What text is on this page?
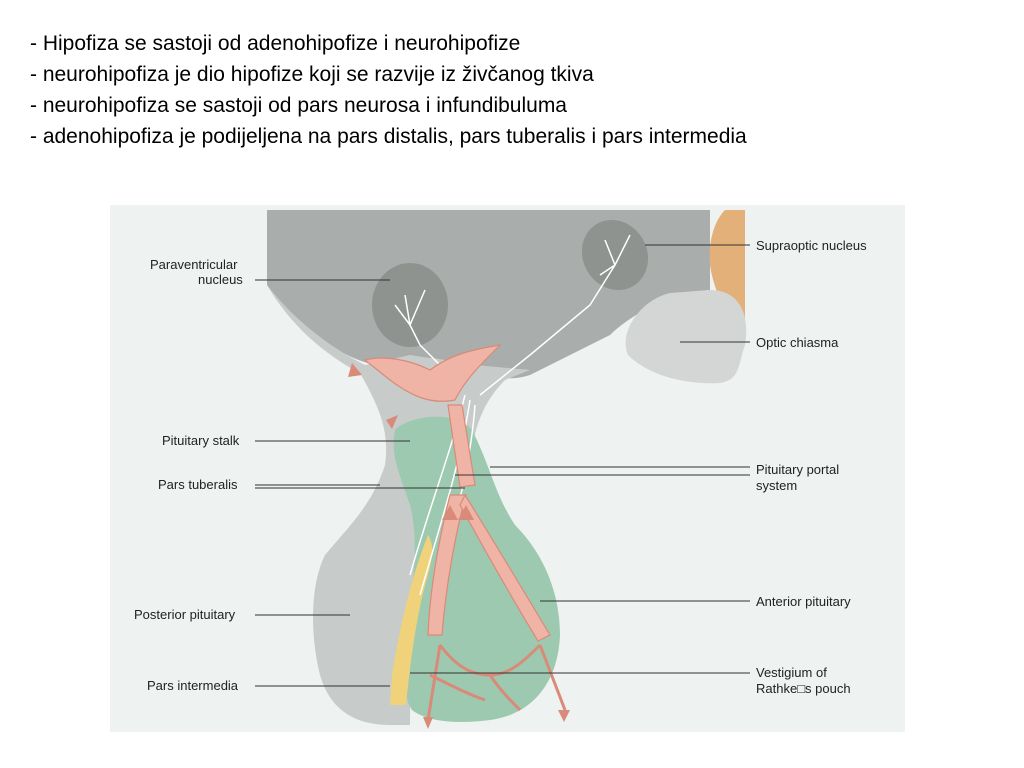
- Hipofiza se sastoji od adenohipofize i neurohipofize
- neurohipofiza je dio hipofize koji se razvije iz živčanog tkiva
- neurohipofiza se sastoji od pars neurosa i infundibuluma
- adenohipofiza je podijeljena na pars distalis, pars tuberalis i pars intermedia
Paraventricular
nucleus
Supraoptic nucleus
Optic chiasma
Pituitary stalk
Pars tuberalis
Pituitary portal
system
Posterior pituitary
Anterior pituitary
Pars intermedia
Vestigium of
Rathke□s pouch
